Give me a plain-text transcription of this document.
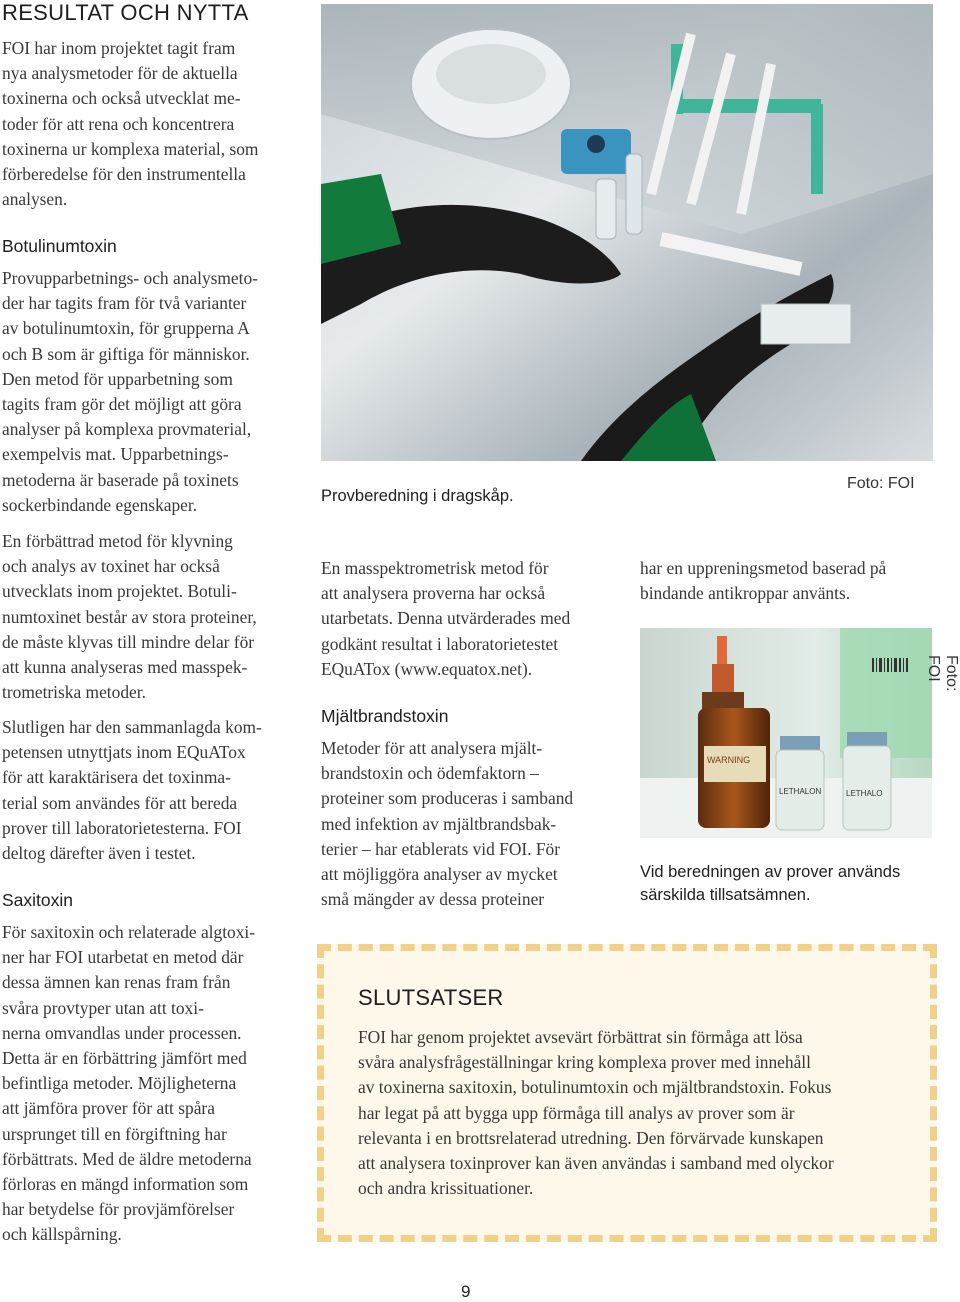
RESULTAT OCH NYTTA
FOI har inom projektet tagit fram
nya analysmetoder för de aktuella
toxinerna och också utvecklat me-
toder för att rena och koncentrera
toxinerna ur komplexa material, som
förberedelse för den instrumentella
analysen.
Botulinumtoxin
Provupparbetnings- och analysmeto-
der har tagits fram för två varianter
av botulinumtoxin, för grupperna A
och B som är giftiga för människor.
Den metod för upparbetning som
tagits fram gör det möjligt att göra
analyser på komplexa provmaterial,
exempelvis mat. Upparbetnings-
metoderna är baserade på toxinets
sockerbindande egenskaper.
En förbättrad metod för klyvning
och analys av toxinet har också
utvecklats inom projektet. Botuli-
numtoxinet består av stora proteiner,
de måste klyvas till mindre delar för
att kunna analyseras med masspek-
trometriska metoder.
Slutligen har den sammanlagda kom-
petensen utnyttjats inom EQuATox
för att karaktärisera det toxinma-
terial som användes för att bereda
prover till laboratorietesterna. FOI
deltog därefter även i testet.
Saxitoxin
För saxitoxin och relaterade algtoxi-
ner har FOI utarbetat en metod där
dessa ämnen kan renas fram från
svåra provtyper utan att toxi-
nerna omvandlas under processen.
Detta är en förbättring jämfört med
befintliga metoder. Möjligheterna
att jämföra prover för att spåra
ursprunget till en förgiftning har
förbättrats. Med de äldre metoderna
förloras en mängd information som
har betydelse för provjämförelser
och källspårning.
Provberedning i dragskåp.
Foto: FOI
En masspektrometrisk metod för
att analysera proverna har också
utarbetats. Denna utvärderades med
godkänt resultat i laboratorietestet
EQuATox (www.equatox.net).
Mjältbrandstoxin
Metoder för att analysera mjält-
brandstoxin och ödemfaktorn –
proteiner som produceras i samband
med infektion av mjältbrandsbak-
terier – har etablerats vid FOI. För
att möjliggöra analyser av mycket
små mängder av dessa proteiner
har en uppreningsmetod baserad på
bindande antikroppar använts.
WARNING
LETHALON	LETHALO
Foto: FOI
Vid beredningen av prover används
särskilda tillsatsämnen.
SLUTSATSER
FOI har genom projektet avsevärt förbättrat sin förmåga att lösa
svåra analysfrågeställningar kring komplexa prover med innehåll
av toxinerna saxitoxin, botulinumtoxin och mjältbrandstoxin. Fokus
har legat på att bygga upp förmåga till analys av prover som är
relevanta i en brottsrelaterad utredning. Den förvärvade kunskapen
att analysera toxinprover kan även användas i samband med olyckor
och andra krissituationer.
9
